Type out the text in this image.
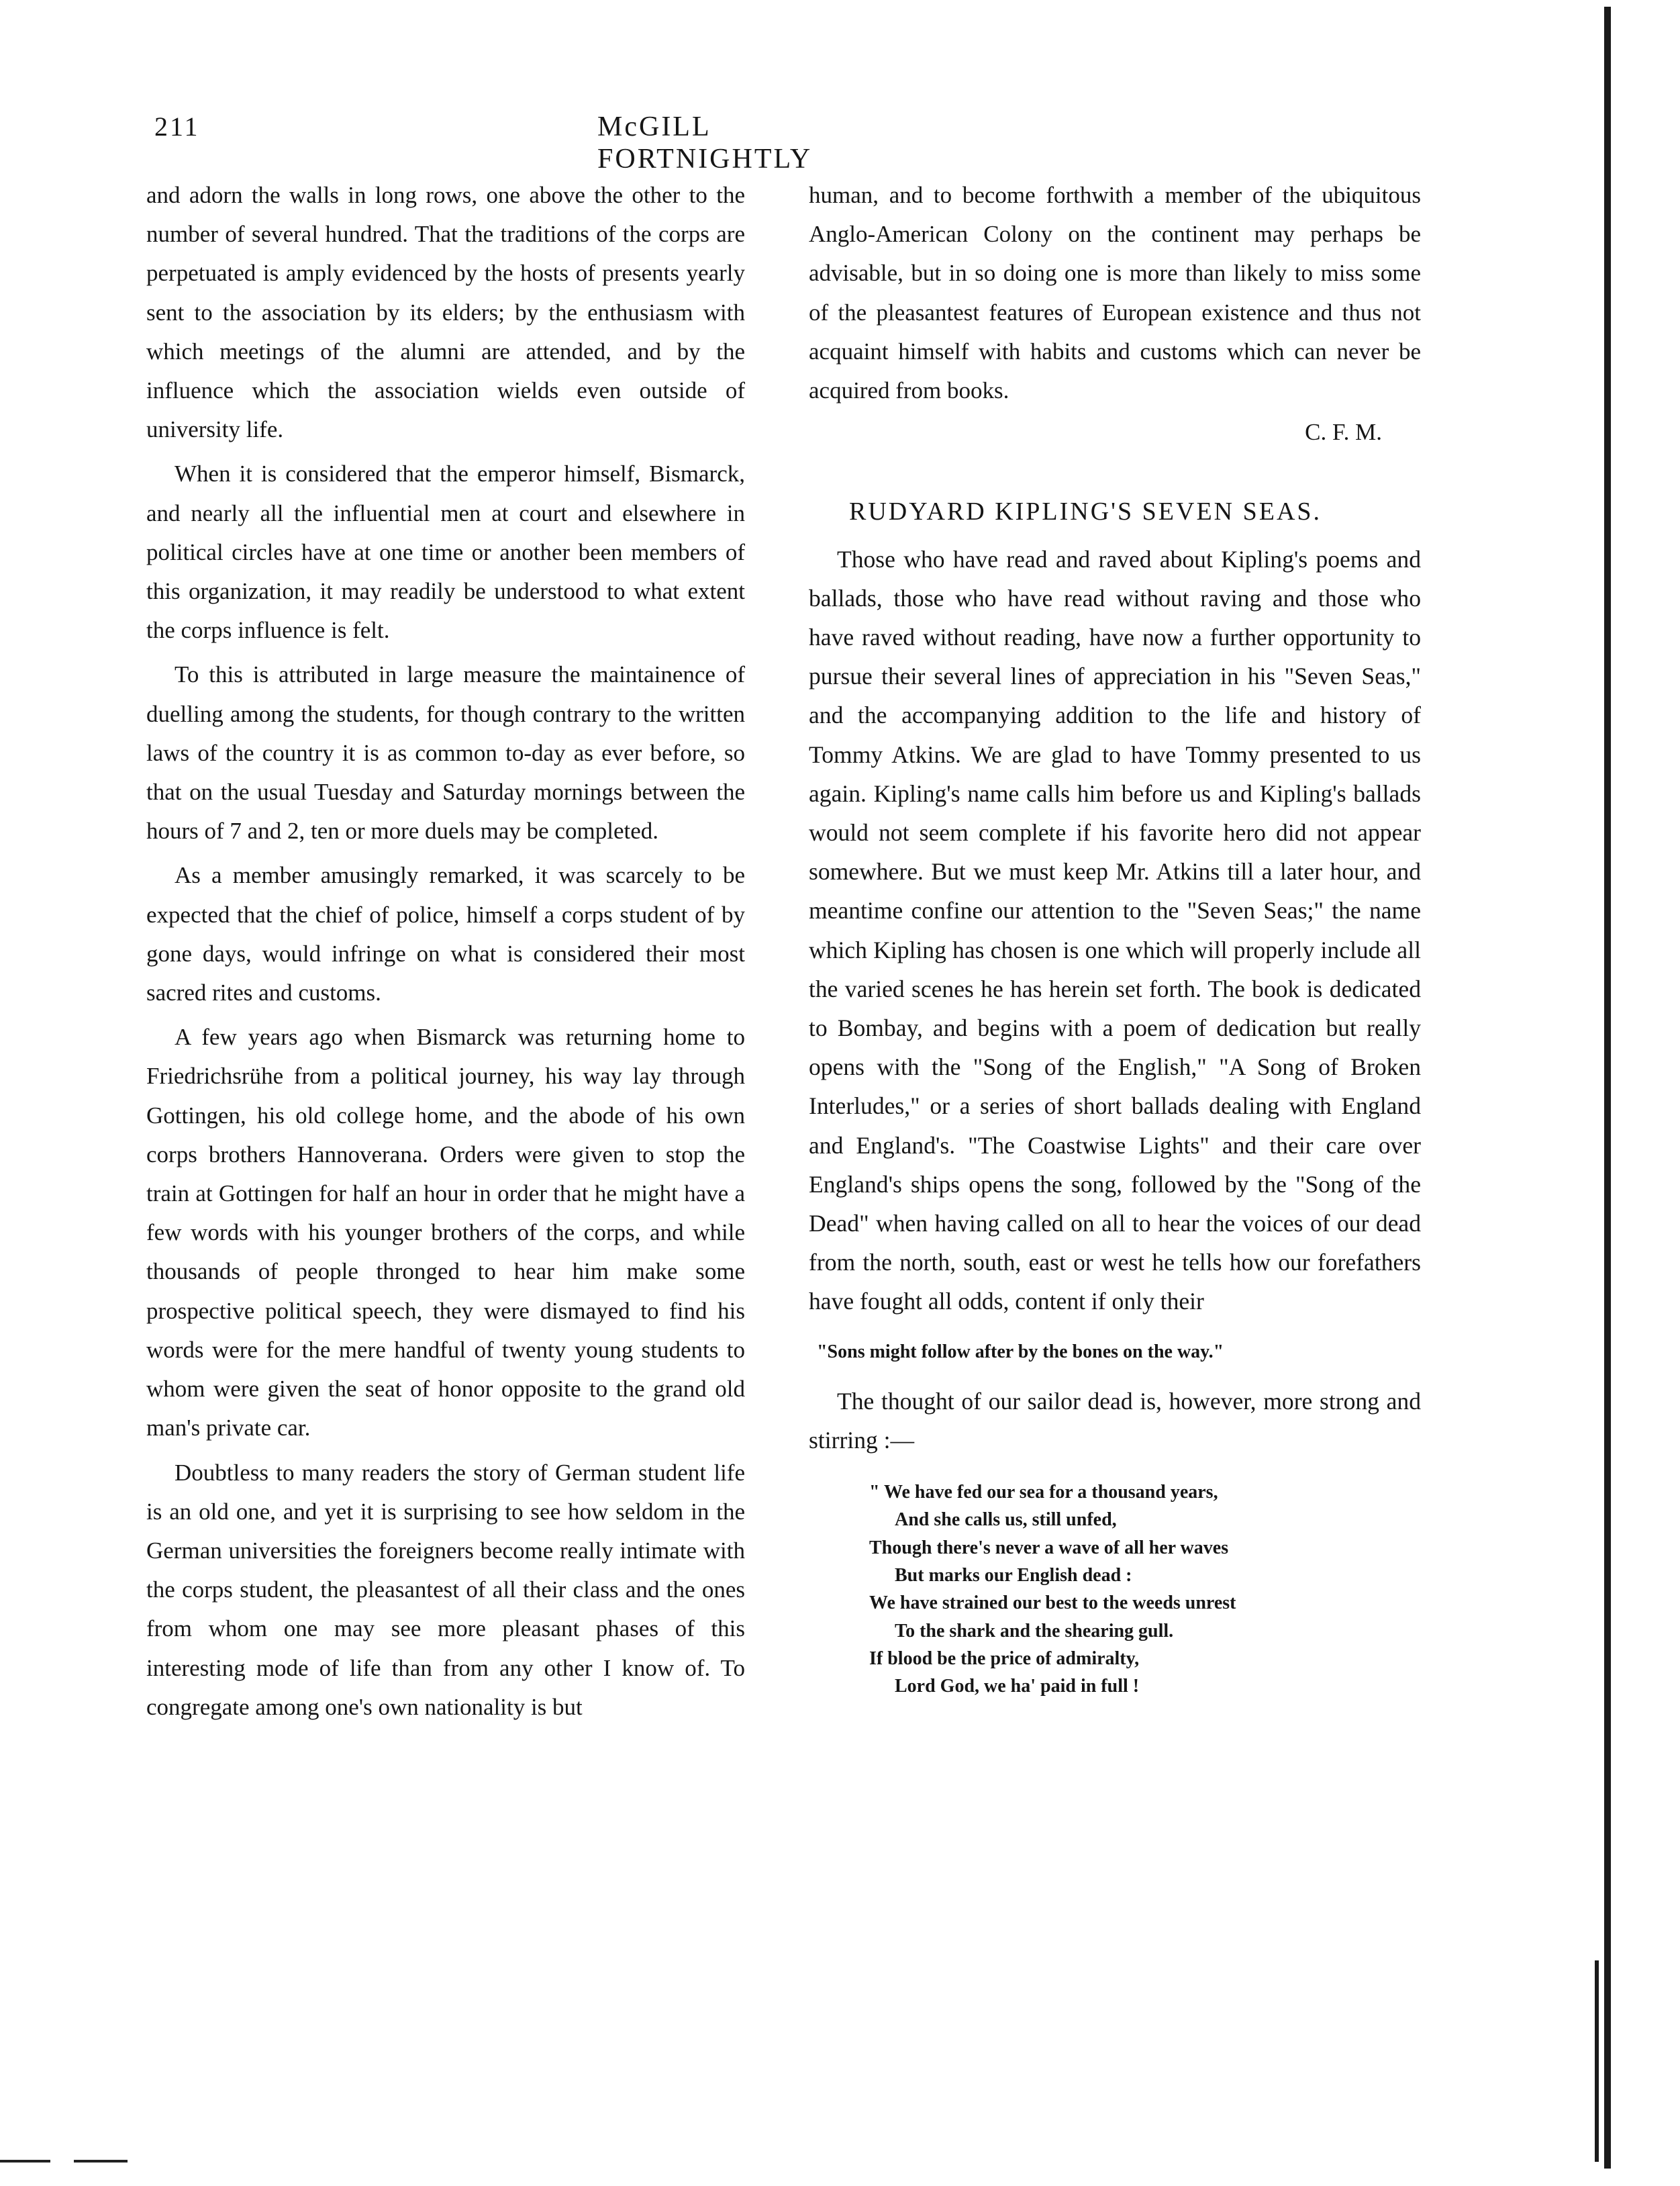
211	McGILL FORTNIGHTLY

and adorn the walls in long rows, one above the other to the number of several hundred. That the traditions of the corps are perpetuated is amply evidenced by the hosts of presents yearly sent to the association by its elders; by the enthusiasm with which meetings of the alumni are attended, and by the influence which the association wields even outside of university life.

When it is considered that the emperor himself, Bismarck, and nearly all the influential men at court and elsewhere in political circles have at one time or another been members of this organization, it may readily be understood to what extent the corps influence is felt.

To this is attributed in large measure the maintainence of duelling among the students, for though contrary to the written laws of the country it is as common to-day as ever before, so that on the usual Tuesday and Saturday mornings between the hours of 7 and 2, ten or more duels may be completed.

As a member amusingly remarked, it was scarcely to be expected that the chief of police, himself a corps student of by gone days, would infringe on what is considered their most sacred rites and customs.

A few years ago when Bismarck was returning home to Friedrichsrühe from a political journey, his way lay through Gottingen, his old college home, and the abode of his own corps brothers Hannoverana. Orders were given to stop the train at Gottingen for half an hour in order that he might have a few words with his younger brothers of the corps, and while thousands of people thronged to hear him make some prospective political speech, they were dismayed to find his words were for the mere handful of twenty young students to whom were given the seat of honor opposite to the grand old man's private car.

Doubtless to many readers the story of German student life is an old one, and yet it is surprising to see how seldom in the German universities the foreigners become really intimate with the corps student, the pleasantest of all their class and the ones from whom one may see more pleasant phases of this interesting mode of life than from any other I know of. To congregate among one's own nationality is but

human, and to become forthwith a member of the ubiquitous Anglo-American Colony on the continent may perhaps be advisable, but in so doing one is more than likely to miss some of the pleasantest features of European existence and thus not acquaint himself with habits and customs which can never be acquired from books.

C. F. M.

RUDYARD KIPLING'S SEVEN SEAS.

Those who have read and raved about Kipling's poems and ballads, those who have read without raving and those who have raved without reading, have now a further opportunity to pursue their several lines of appreciation in his "Seven Seas," and the accompanying addition to the life and history of Tommy Atkins. We are glad to have Tommy presented to us again. Kipling's name calls him before us and Kipling's ballads would not seem complete if his favorite hero did not appear somewhere. But we must keep Mr. Atkins till a later hour, and meantime confine our attention to the "Seven Seas;" the name which Kipling has chosen is one which will properly include all the varied scenes he has herein set forth. The book is dedicated to Bombay, and begins with a poem of dedication but really opens with the "Song of the English," "A Song of Broken Interludes," or a series of short ballads dealing with England and England's. "The Coastwise Lights" and their care over England's ships opens the song, followed by the "Song of the Dead" when having called on all to hear the voices of our dead from the north, south, east or west he tells how our forefathers have fought all odds, content if only their

"Sons might follow after by the bones on the way."

The thought of our sailor dead is, however, more strong and stirring :—

" We have fed our sea for a thousand years,
And she calls us, still unfed,
Though there's never a wave of all her waves
But marks our English dead :
We have strained our best to the weeds unrest
To the shark and the shearing gull.
If blood be the price of admiralty,
Lord God, we ha' paid in full !
